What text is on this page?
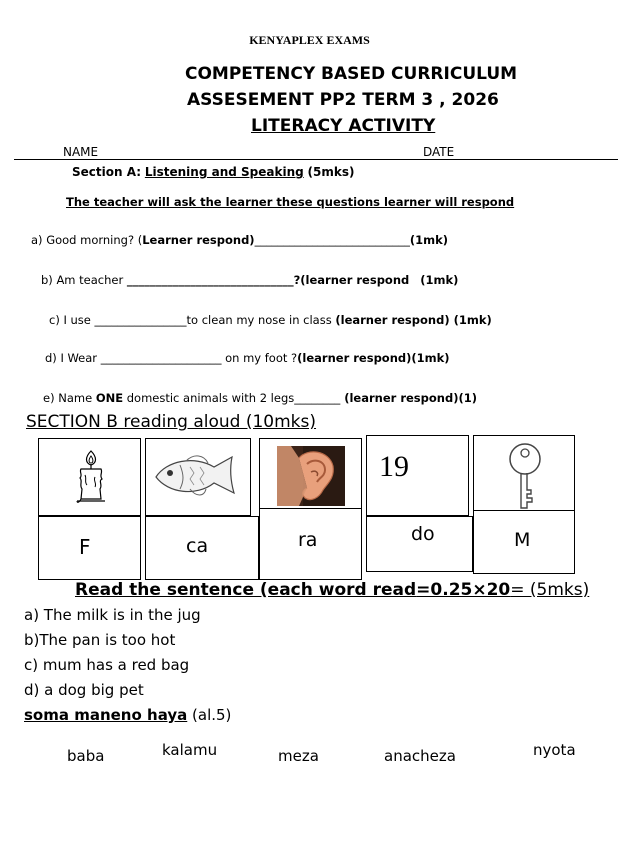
KENYAPLEX EXAMS
COMPETENCY BASED CURRICULUM
ASSESEMENT PP2 TERM 3 , 2026
LITERACY ACTIVITY
NAME	DATE
Section A: Listening and Speaking (5mks)
The teacher will ask the learner these questions learner will respond
a) Good morning? (Learner respond)___________________________(1mk)
b) Am teacher _____________________________?(learner respond (1mk)
c) I use ________________to clean my nose in class (learner respond) (1mk)
d) I Wear _____________________ on my foot ?(learner respond)(1mk)
e) Name ONE domestic animals with 2 legs________ (learner respond)(1)
SECTION B reading aloud (10mks)
19
F	ca	ra	do	M
Read the sentence (each word read=0.25×20= (5mks)
a) The milk is in the jug
b)The pan is too hot
c) mum has a red bag
d) a dog big pet
soma maneno haya (al.5)
baba	kalamu	meza	anacheza	nyota
